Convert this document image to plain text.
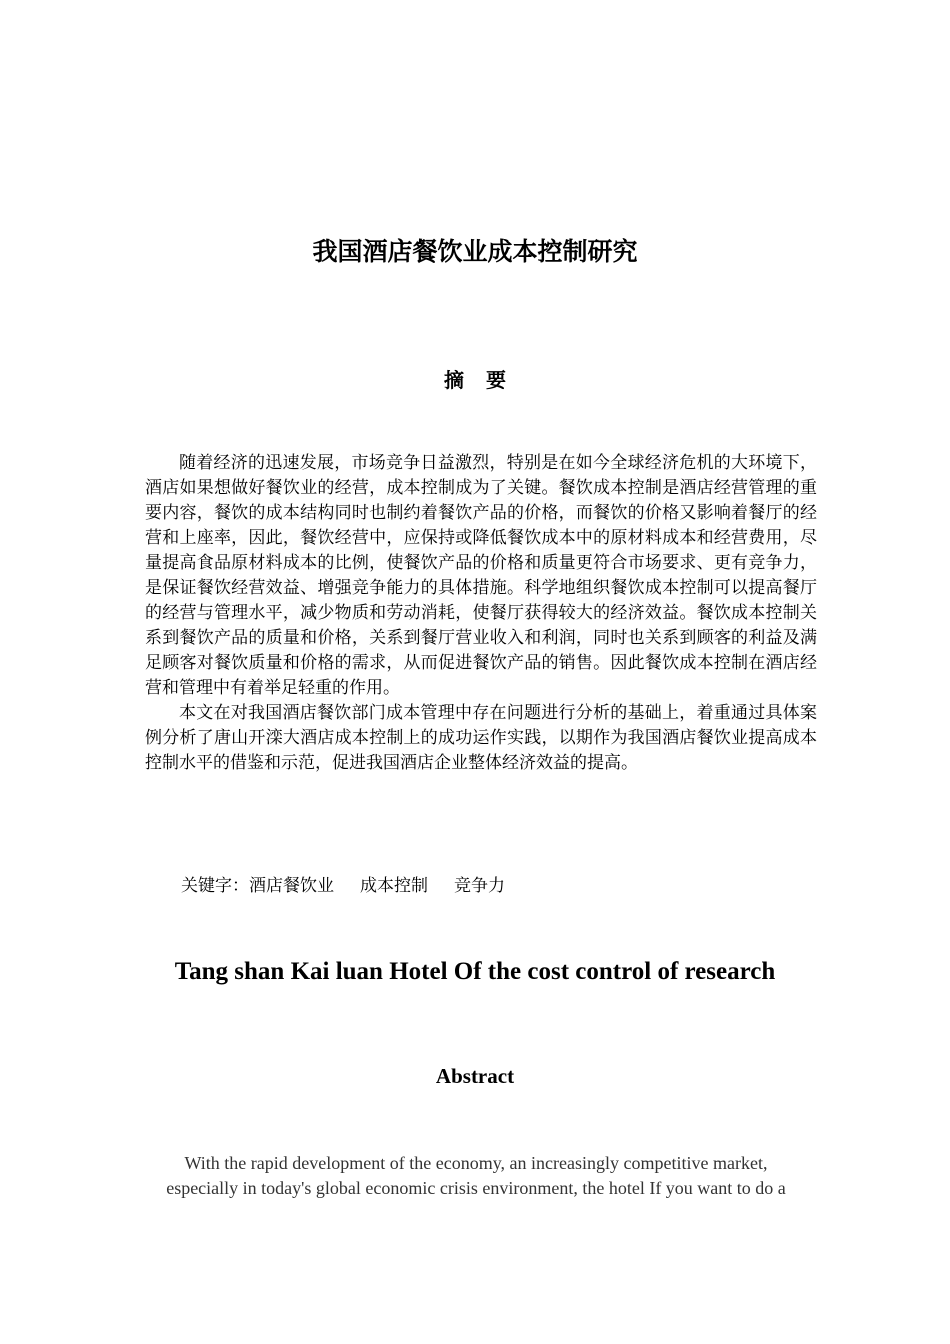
我国酒店餐饮业成本控制研究
摘要

随着经济的迅速发展，市场竞争日益激烈，特别是在如今全球经济危机的大环境下，酒店如果想做好餐饮业的经营，成本控制成为了关键。餐饮成本控制是酒店经营管理的重要内容，餐饮的成本结构同时也制约着餐饮产品的价格，而餐饮的价格又影响着餐厅的经营和上座率，因此，餐饮经营中，应保持或降低餐饮成本中的原材料成本和经营费用，尽量提高食品原材料成本的比例，使餐饮产品的价格和质量更符合市场要求、更有竞争力，是保证餐饮经营效益、增强竞争能力的具体措施。科学地组织餐饮成本控制可以提高餐厅的经营与管理水平，减少物质和劳动消耗，使餐厅获得较大的经济效益。餐饮成本控制关系到餐饮产品的质量和价格，关系到餐厅营业收入和利润，同时也关系到顾客的利益及满足顾客对餐饮质量和价格的需求，从而促进餐饮产品的销售。因此餐饮成本控制在酒店经营和管理中有着举足轻重的作用。

本文在对我国酒店餐饮部门成本管理中存在问题进行分析的基础上，着重通过具体案例分析了唐山开滦大酒店成本控制上的成功运作实践，以期作为我国酒店餐饮业提高成本控制水平的借鉴和示范，促进我国酒店企业整体经济效益的提高。

关键字：酒店餐饮业 成本控制 竞争力
Tang shan Kai luan Hotel Of the cost control of research
Abstract

With the rapid development of the economy, an increasingly competitive market,

especially in today's global economic crisis environment, the hotel If you want to do a
